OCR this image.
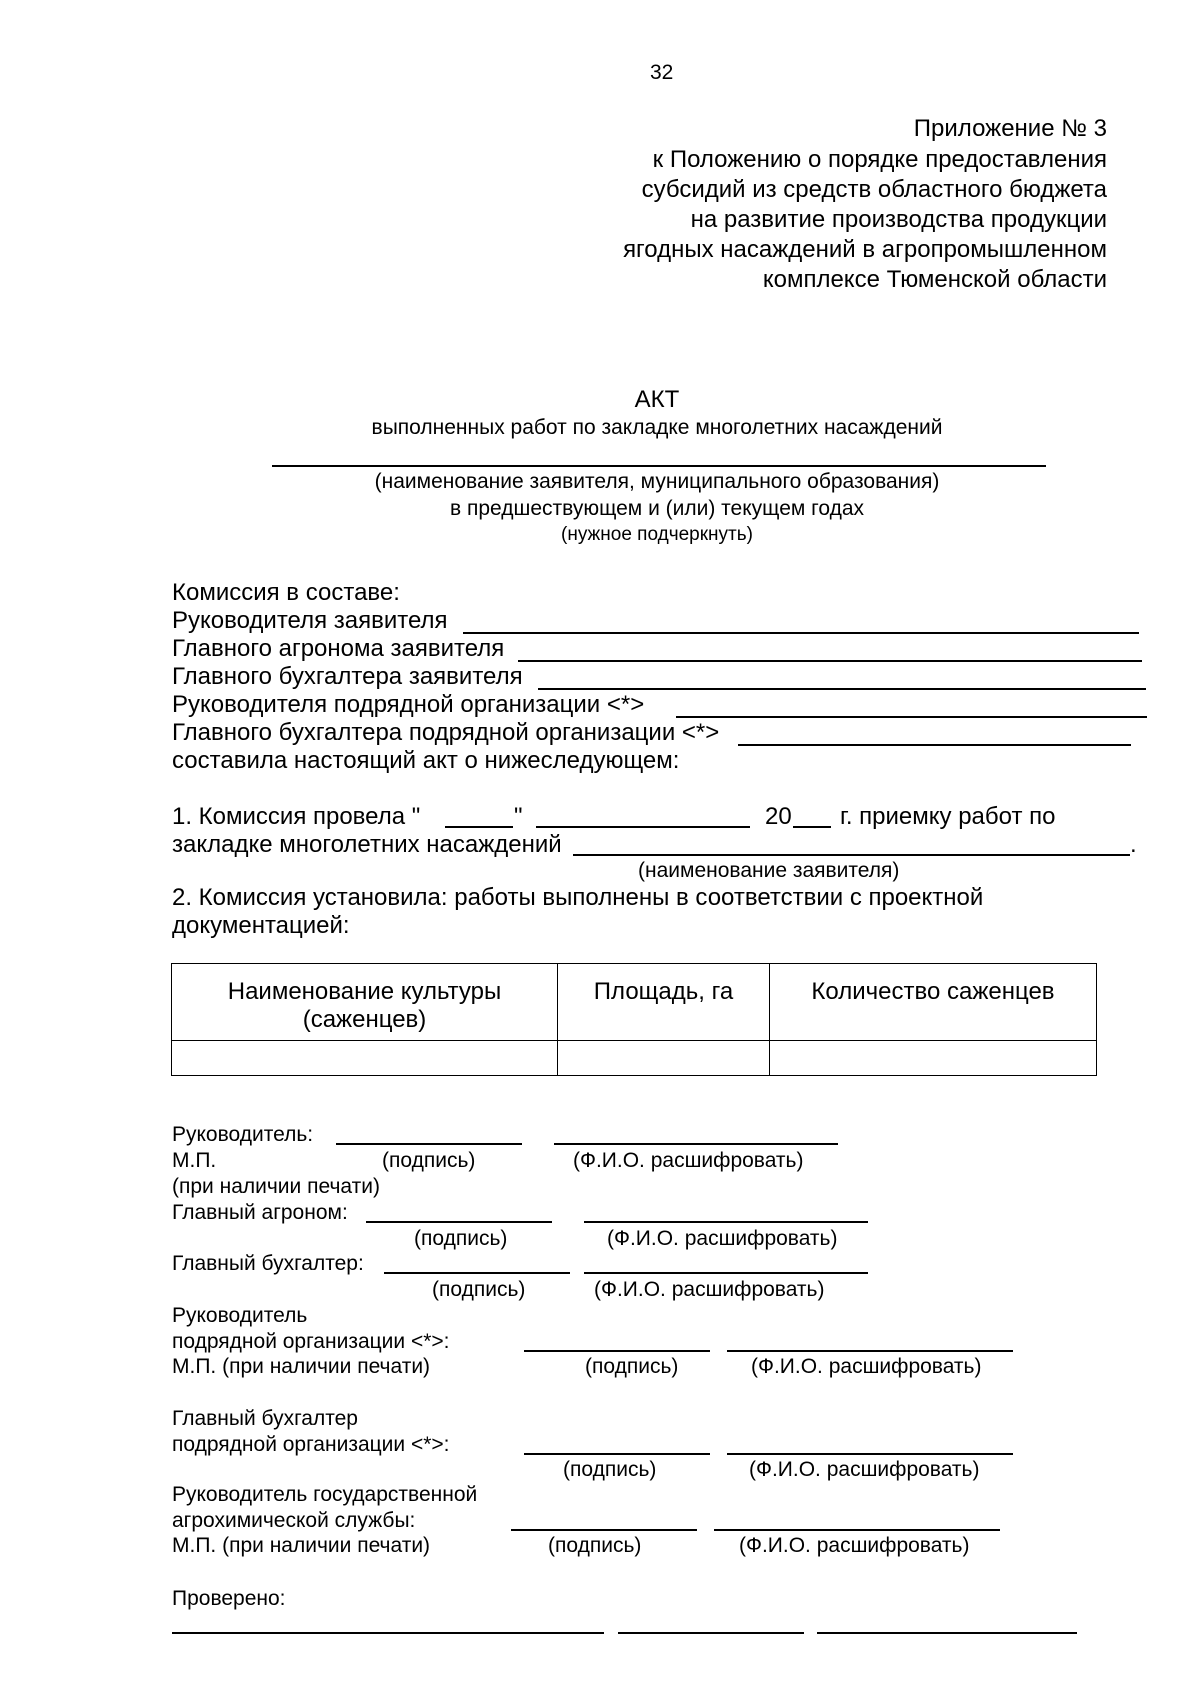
32
Приложение № 3
к Положению о порядке предоставления
субсидий из средств областного бюджета
на развитие производства продукции
ягодных насаждений в агропромышленном
комплексе Тюменской области
АКТ
выполненных работ по закладке многолетних насаждений
(наименование заявителя, муниципального образования)
в предшествующем и (или) текущем годах
(нужное подчеркнуть)
Комиссия в составе:
Руководителя заявителя
Главного агронома заявителя
Главного бухгалтера заявителя
Руководителя подрядной организации <*>
Главного бухгалтера подрядной организации <*>
составила настоящий акт о нижеследующем:
1. Комиссия провела "	"	20 г. приемку работ по
закладке многолетних насаждений	.
(наименование заявителя)
2. Комиссия установила: работы выполнены в соответствии с проектной
документацией:
Наименование культуры (саженцев)	Площадь, га	Количество саженцев

Руководитель:
М.П.	(подпись)	(Ф.И.О. расшифровать)
(при наличии печати)
Главный агроном:
(подпись)	(Ф.И.О. расшифровать)
Главный бухгалтер:
(подпись)	(Ф.И.О. расшифровать)
Руководитель
подрядной организации <*>:
М.П. (при наличии печати)	(подпись)	(Ф.И.О. расшифровать)
Главный бухгалтер
подрядной организации <*>:
(подпись)	(Ф.И.О. расшифровать)
Руководитель государственной
агрохимической службы:
М.П. (при наличии печати)	(подпись)	(Ф.И.О. расшифровать)
Проверено:
